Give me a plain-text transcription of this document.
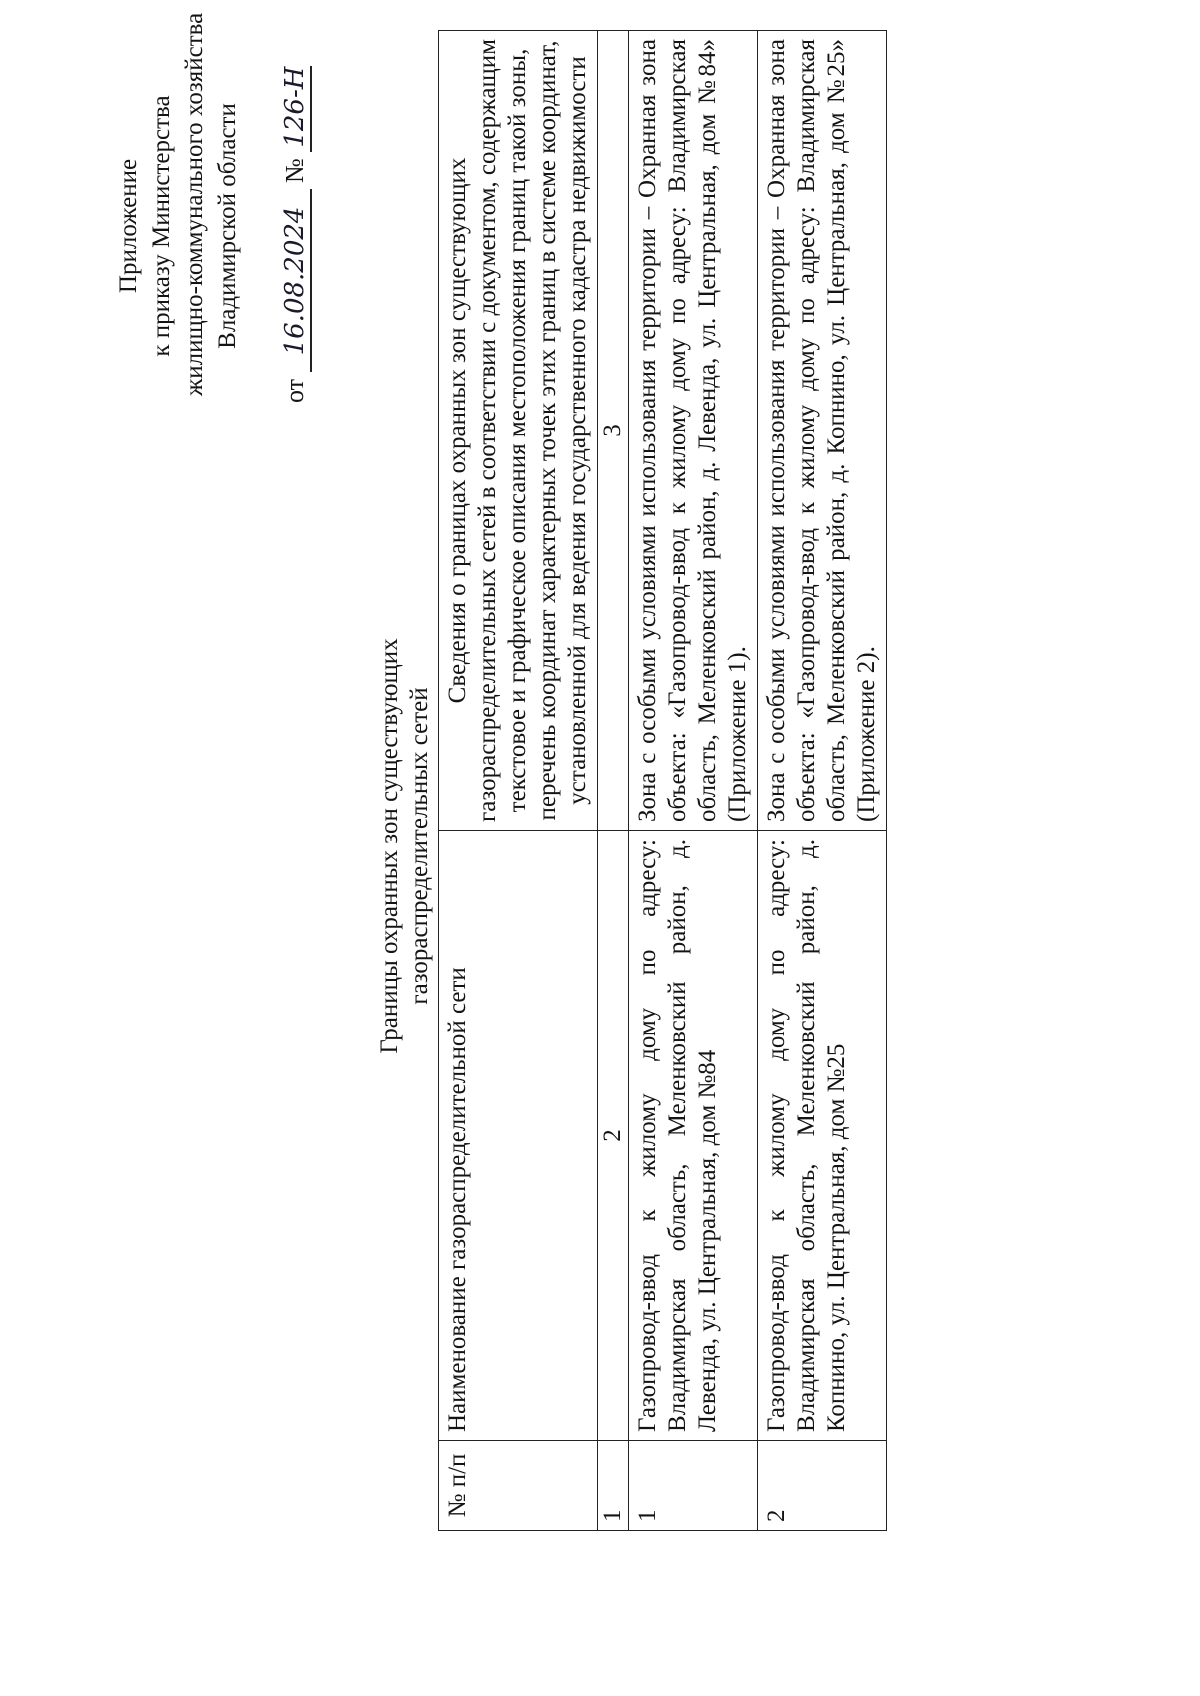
Приложение к приказу Министерства жилищно-коммунального хозяйства Владимирской области
от 16.08.2024 № 126-Н
Границы охранных зон существующих газораспределительных сетей
№ п/п	Наименование газораспределительной сети	Сведения о границах охранных зон существующих газораспределительных сетей в соответствии с документом, содержащим текстовое и графическое описания местоположения границ такой зоны, перечень координат характерных точек этих границ в системе координат, установленной для ведения государственного кадастра недвижимости
1	2	3
1	Газопровод-ввод к жилому дому по адресу: Владимирская область, Меленковский район, д. Левенда, ул. Центральная, дом №84	Зона с особыми условиями использования территории – Охранная зона объекта: «Газопровод-ввод к жилому дому по адресу: Владимирская область, Меленковский район, д. Левенда, ул. Центральная, дом №84» (Приложение 1).
2	Газопровод-ввод к жилому дому по адресу: Владимирская область, Меленковский район, д. Копнино, ул. Центральная, дом №25	Зона с особыми условиями использования территории – Охранная зона объекта: «Газопровод-ввод к жилому дому по адресу: Владимирская область, Меленковский район, д. Копнино, ул. Центральная, дом №25» (Приложение 2).
